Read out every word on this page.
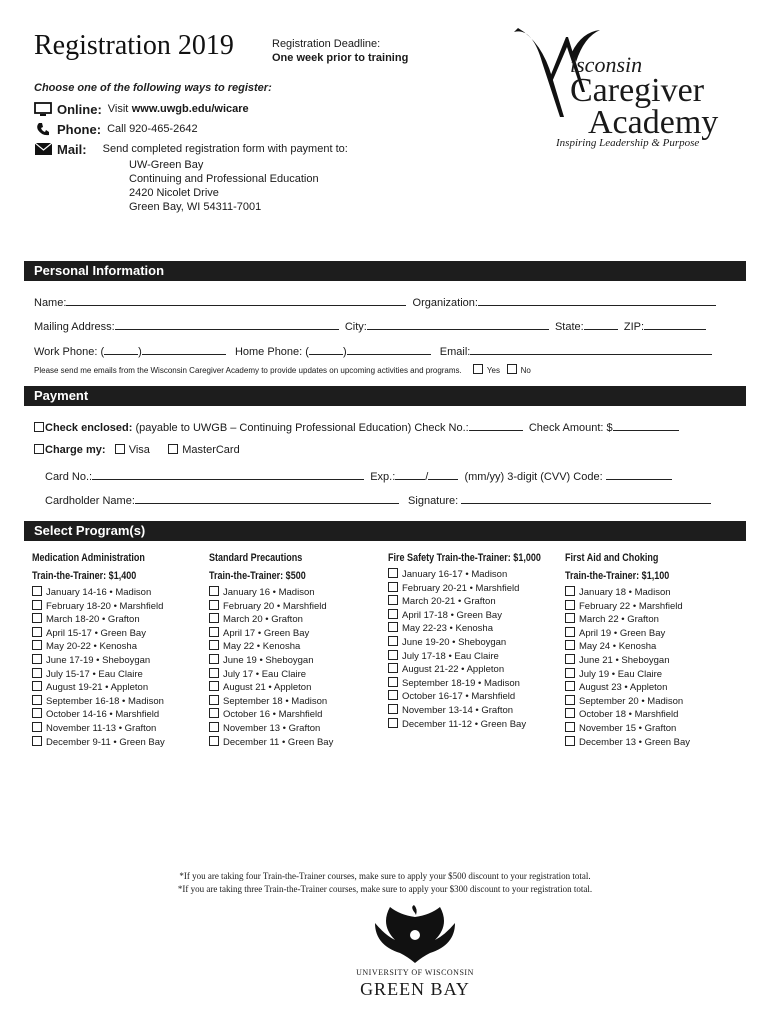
Registration 2019	Registration Deadline:
One week prior to training	isconsin
Caregiver
Academy
Inspiring Leadership & Purpose
Choose one of the following ways to register:
Online: Visit
www.uwgb.edu/wicare
Phone: Call 920-465-2642
Mail: Send completed registration form with payment to:
UW-Green Bay
Continuing and Professional Education
2420 Nicolet Drive
Green Bay, WI 54311-7001
Personal Information
Name:	Organization:
Mailing Address:	City:	State:	ZIP:
Work Phone: (	)	Home Phone: (	)	Email:
Please send me emails from the Wisconsin Caregiver Academy to provide updates on upcoming activities and programs.	Yes	No
Payment
Check enclosed: (payable to UWGB – Continuing Professional Education) Check No.:	Check Amount: $
Charge my: Visa	MasterCard
Card No.:	Exp.:	/	(mm/yy) 3-digit (CVV) Code:
Cardholder Name:	Signature:
Select Program(s)
Medication Administration
Train-the-Trainer: $1,400
January 14-16 • Madison
February 18-20 • Marshfield
March 18-20 • Grafton
April 15-17 • Green Bay
May 20-22 • Kenosha
June 17-19 • Sheboygan
July 15-17 • Eau Claire
August 19-21 • Appleton
September 16-18 • Madison
October 14-16 • Marshfield
November 11-13 • Grafton
December 9-11 • Green Bay
Standard Precautions
Train-the-Trainer: $500
January 16 • Madison
February 20 • Marshfield
March 20 • Grafton
April 17 • Green Bay
May 22 • Kenosha
June 19 • Sheboygan
July 17 • Eau Claire
August 21 • Appleton
September 18 • Madison
October 16 • Marshfield
November 13 • Grafton
December 11 • Green Bay
Fire Safety Train-the-Trainer: $1,000
January 16-17 • Madison
February 20-21 • Marshfield
March 20-21 • Grafton
April 17-18 • Green Bay
May 22-23 • Kenosha
June 19-20 • Sheboygan
July 17-18 • Eau Claire
August 21-22 • Appleton
September 18-19 • Madison
October 16-17 • Marshfield
November 13-14 • Grafton
December 11-12 • Green Bay
First Aid and Choking
Train-the-Trainer: $1,100
January 18 • Madison
February 22 • Marshfield
March 22 • Grafton
April 19 • Green Bay
May 24 • Kenosha
June 21 • Sheboygan
July 19 • Eau Claire
August 23 • Appleton
September 20 • Madison
October 18 • Marshfield
November 15 • Grafton
December 13 • Green Bay
*If you are taking four Train-the-Trainer courses, make sure to apply your $500 discount to your registration total.
*If you are taking three Train-the-Trainer courses, make sure to apply your $300 discount to your registration total.
UNIVERSITY OF WISCONSIN
GREEN BAY
